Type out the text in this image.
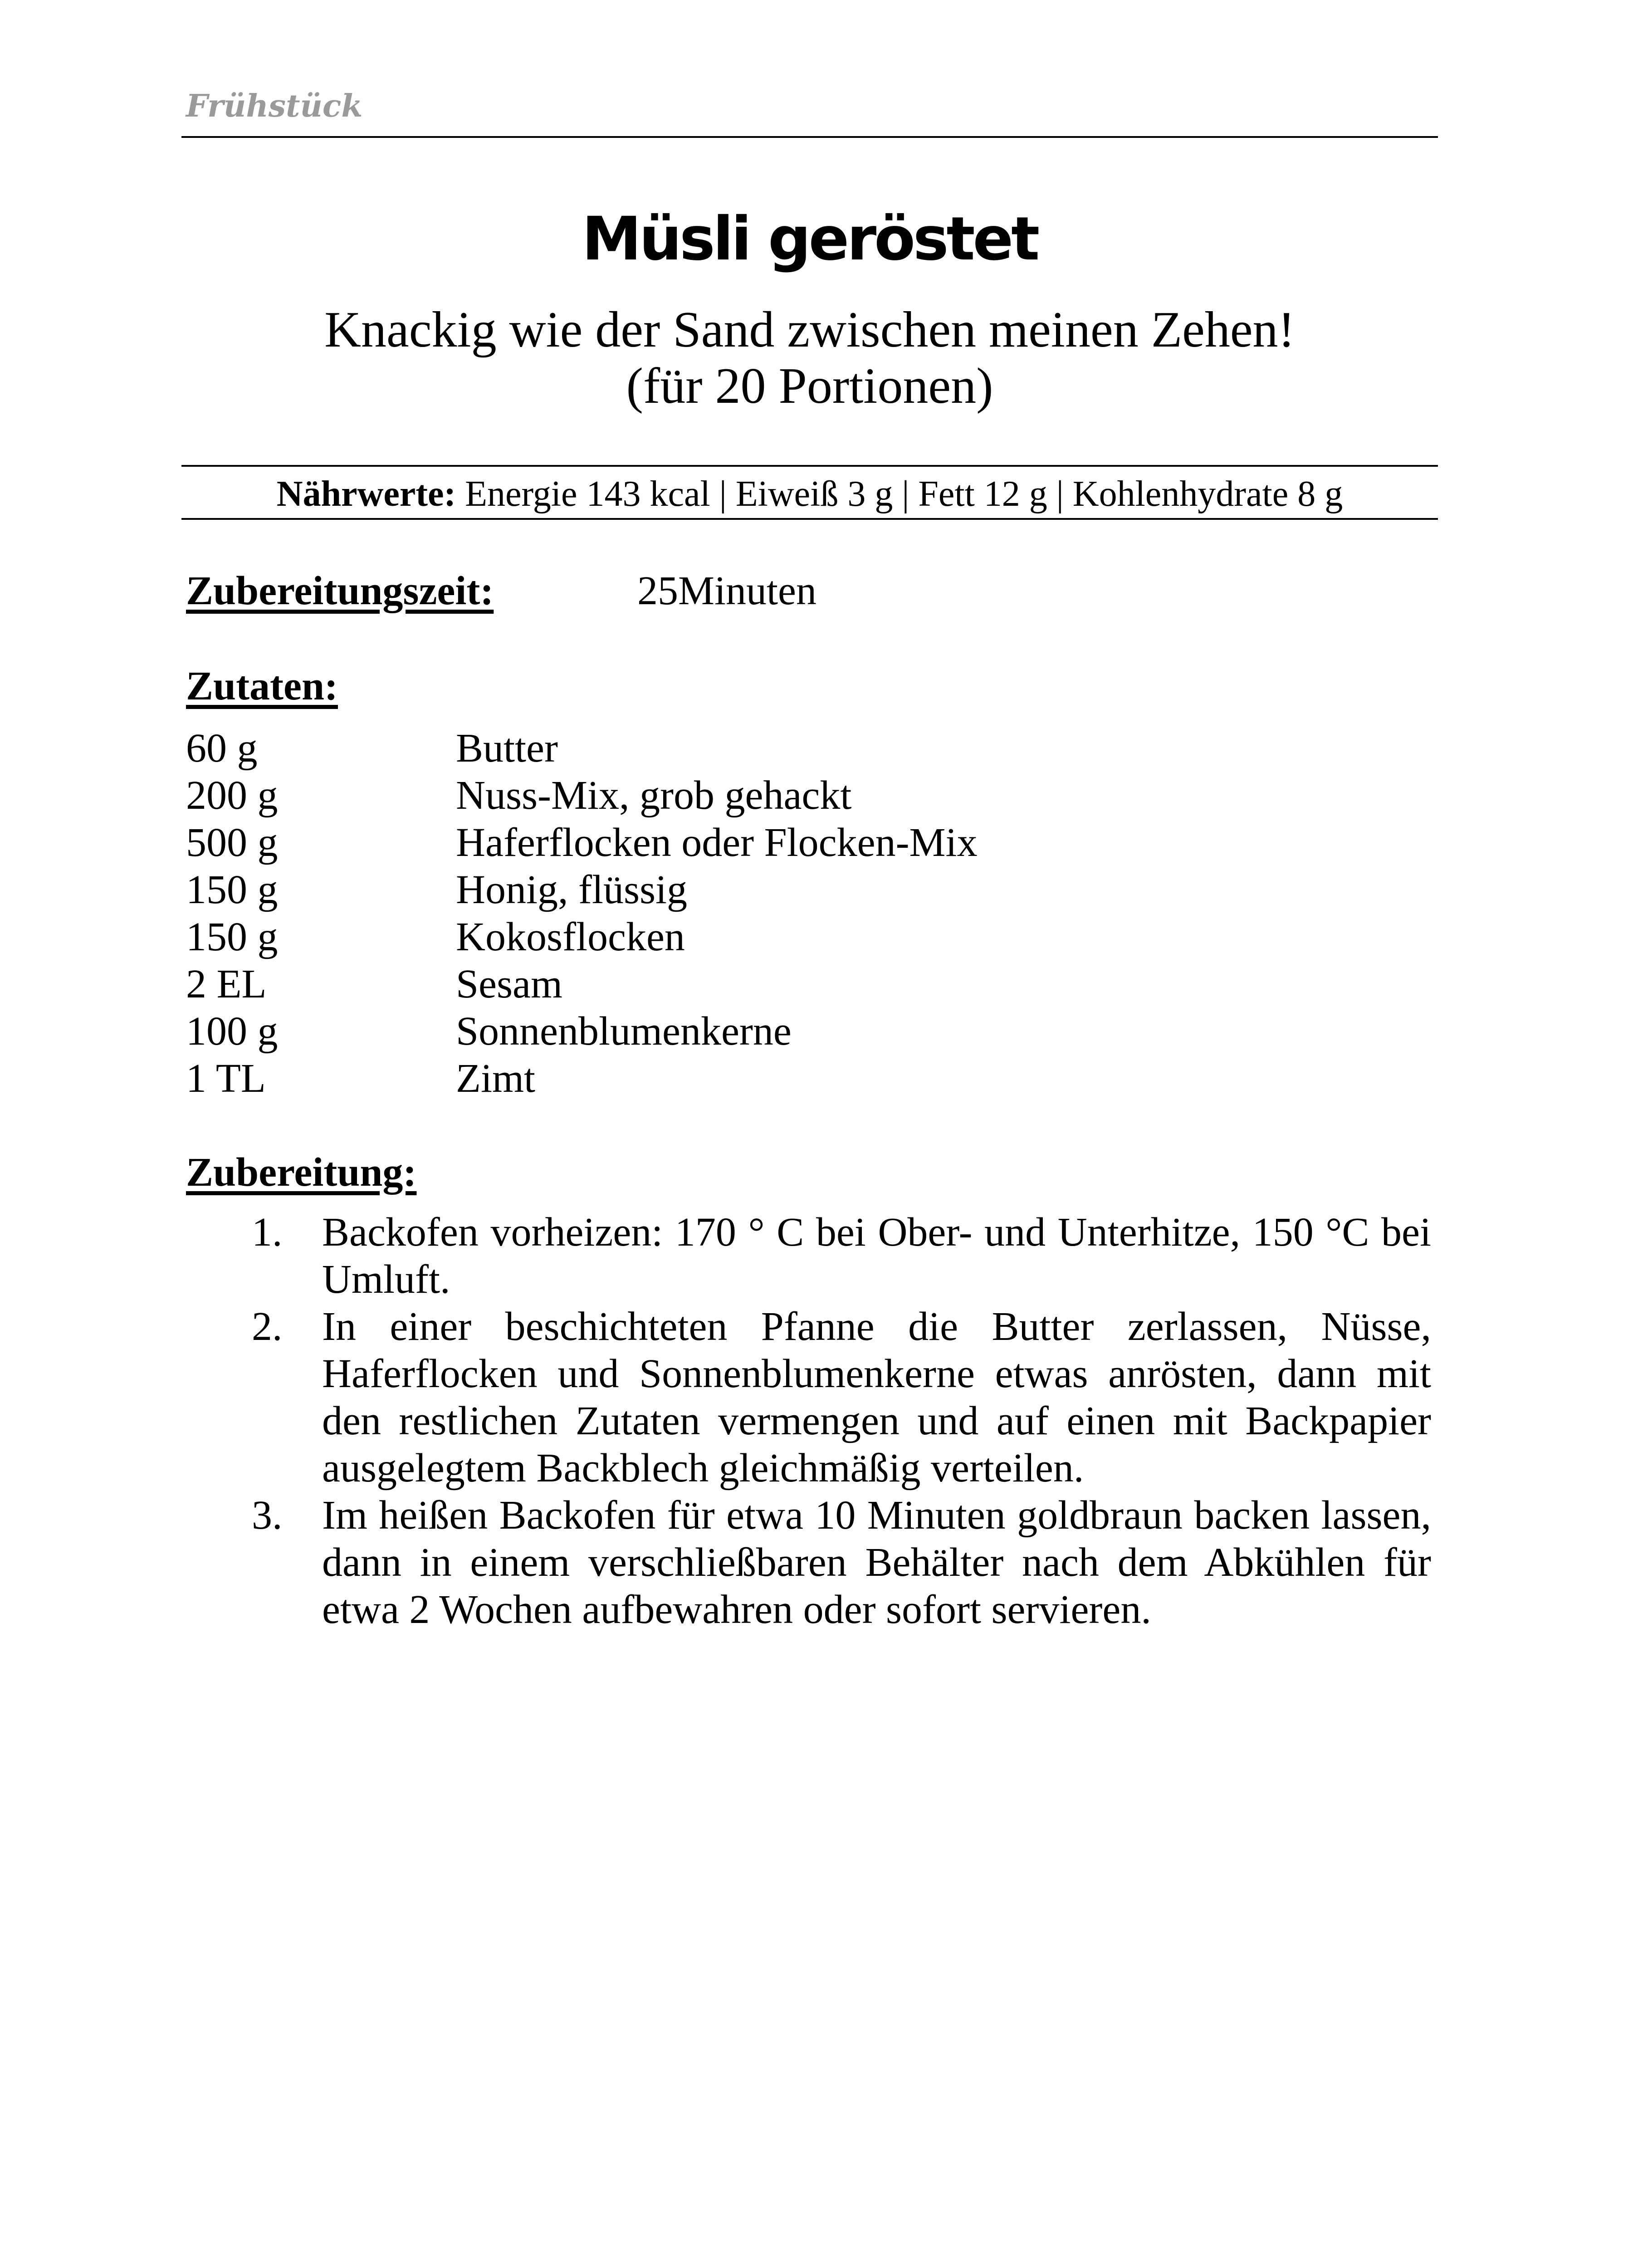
Frühstück
Müsli geröstet
Knackig wie der Sand zwischen meinen Zehen!
(für 20 Portionen)
Nährwerte: Energie 143 kcal | Eiweiß 3 g | Fett 12 g | Kohlenhydrate 8 g
Zubereitungszeit:	25Minuten
Zutaten:
60 g	Butter
200 g	Nuss-Mix, grob gehackt
500 g	Haferflocken oder Flocken-Mix
150 g	Honig, flüssig
150 g	Kokosflocken
2 EL	Sesam
100 g	Sonnenblumenkerne
1 TL	Zimt
Zubereitung:

1. Backofen vorheizen: 170 ° C bei Ober- und Unterhitze, 150 °C bei Umluft.

2. In einer beschichteten Pfanne die Butter zerlassen, Nüsse, Haferflocken und Sonnenblumenkerne etwas anrösten, dann mit den restlichen Zutaten vermengen und auf einen mit Backpapier ausgelegtem Backblech gleichmäßig verteilen.

3. Im heißen Backofen für etwa 10 Minuten goldbraun backen lassen, dann in einem verschließbaren Behälter nach dem Abkühlen für etwa 2 Wochen aufbewahren oder sofort servieren.
